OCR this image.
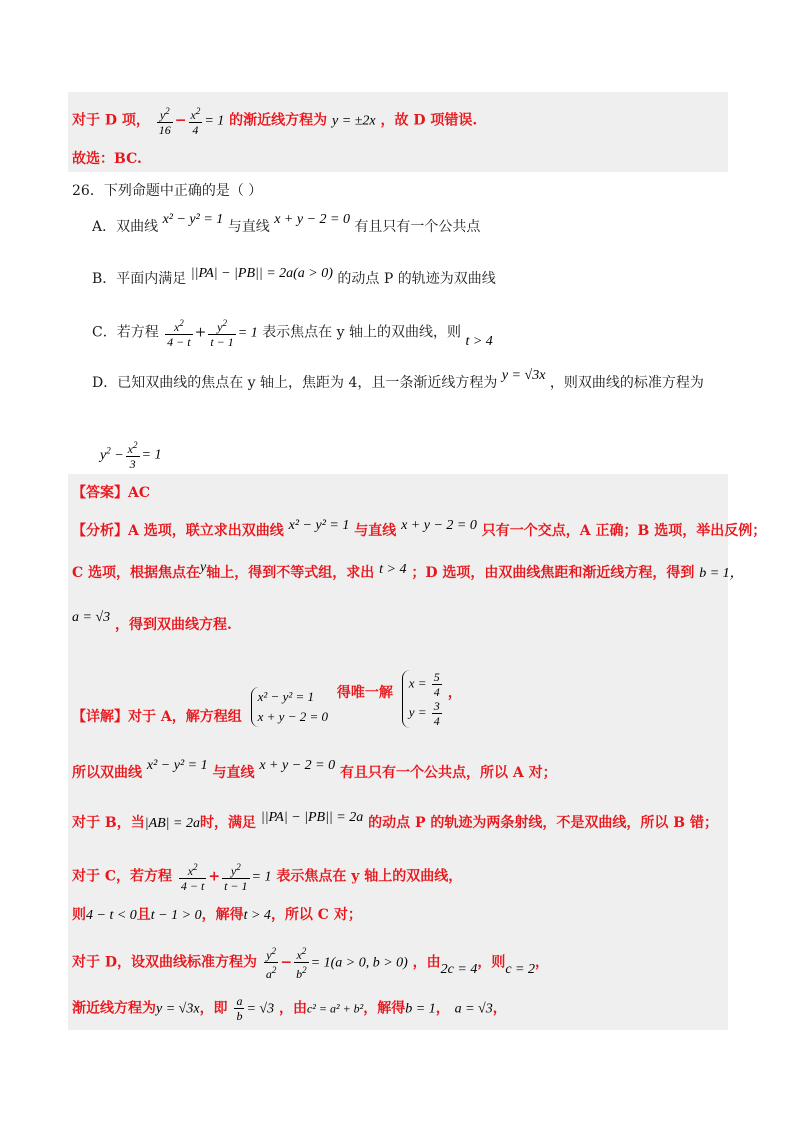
对于 D 项， $\frac{y^2}{16} - \frac{x^2}{4} = 1$ 的渐近线方程为 y = ±2x ，故 D 项错误.
故选：BC.
26．下列命题中正确的是（ ）
A．双曲线 x² − y² = 1 与直线 x + y − 2 = 0 有且只有一个公共点
B．平面内满足 ||PA| − |PB|| = 2a(a > 0) 的动点 P 的轨迹为双曲线
C．若方程 $\frac{x^2}{4 - t} + \frac{y^2}{t - 1} = 1$ 表示焦点在 y 轴上的双曲线，则 t > 4
D．已知双曲线的焦点在 y 轴上，焦距为 4，且一条渐近线方程为 y = √3x ，则双曲线的标准方程为
$y^2 - \frac{x^2}{3} = 1$
【答案】AC
【分析】A 选项，联立求出双曲线 x² − y² = 1 与直线 x + y − 2 = 0 只有一个交点，A 正确；B 选项，举出反例；
C 选项，根据焦点在y轴上，得到不等式组，求出 t > 4 ；D 选项，由双曲线焦距和渐近线方程，得到 b = 1，
a = √3 ，得到双曲线方程.
【详解】对于 A，解方程组
x² − y² = 1
x + y − 2 = 0
得唯一解
$x = \frac{5}{4}$
$y = \frac{3}{4}$
，
所以双曲线 x² − y² = 1 与直线 x + y − 2 = 0 有且只有一个公共点，所以 A 对；
对于 B，当|AB| = 2a时，满足 ||PA| − |PB|| = 2a 的动点 P 的轨迹为两条射线，不是双曲线，所以 B 错；
对于 C，若方程 $\frac{x^2}{4 - t} + \frac{y^2}{t - 1} = 1$ 表示焦点在 y 轴上的双曲线，
则4 − t < 0且t − 1 > 0，解得t > 4，所以 C 对；
对于 D，设双曲线标准方程为 $\frac{y^2}{a^2} - \frac{x^2}{b^2} = 1(a > 0$, b > 0) ，由2c = 4，则c = 2，
渐近线方程为y = √3x，即 $\frac{a}{b} = √3$ ，由c² = a² + b²，解得b = 1， a = √3，
